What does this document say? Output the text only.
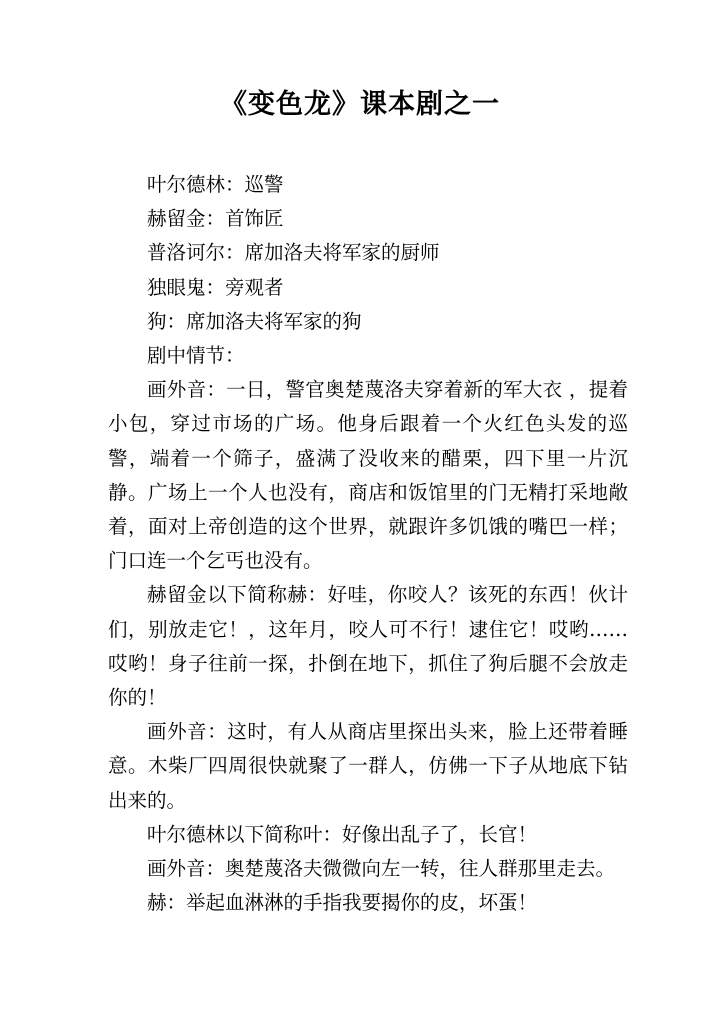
《变色龙》课本剧之一

叶尔德林：巡警

赫留金：首饰匠

普洛诃尔：席加洛夫将军家的厨师

独眼鬼：旁观者

狗：席加洛夫将军家的狗

剧中情节：

画外音：一日，警官奥楚蔑洛夫穿着新的军大衣 ，提着小包，穿过市场的广场。他身后跟着一个火红色头发的巡警，端着一个筛子，盛满了没收来的醋栗，四下里一片沉静。广场上一个人也没有，商店和饭馆里的门无精打采地敞着，面对上帝创造的这个世界，就跟许多饥饿的嘴巴一样；门口连一个乞丐也没有。

赫留金以下简称赫：好哇，你咬人？该死的东西！伙计们，别放走它！，这年月，咬人可不行！逮住它！哎哟……哎哟！身子往前一探，扑倒在地下，抓住了狗后腿不会放走你的！

画外音：这时，有人从商店里探出头来，脸上还带着睡意。木柴厂四周很快就聚了一群人，仿佛一下子从地底下钻出来的。

叶尔德林以下简称叶：好像出乱子了，长官！

画外音：奥楚蔑洛夫微微向左一转，往人群那里走去。

赫：举起血淋淋的手指我要揭你的皮，坏蛋！
